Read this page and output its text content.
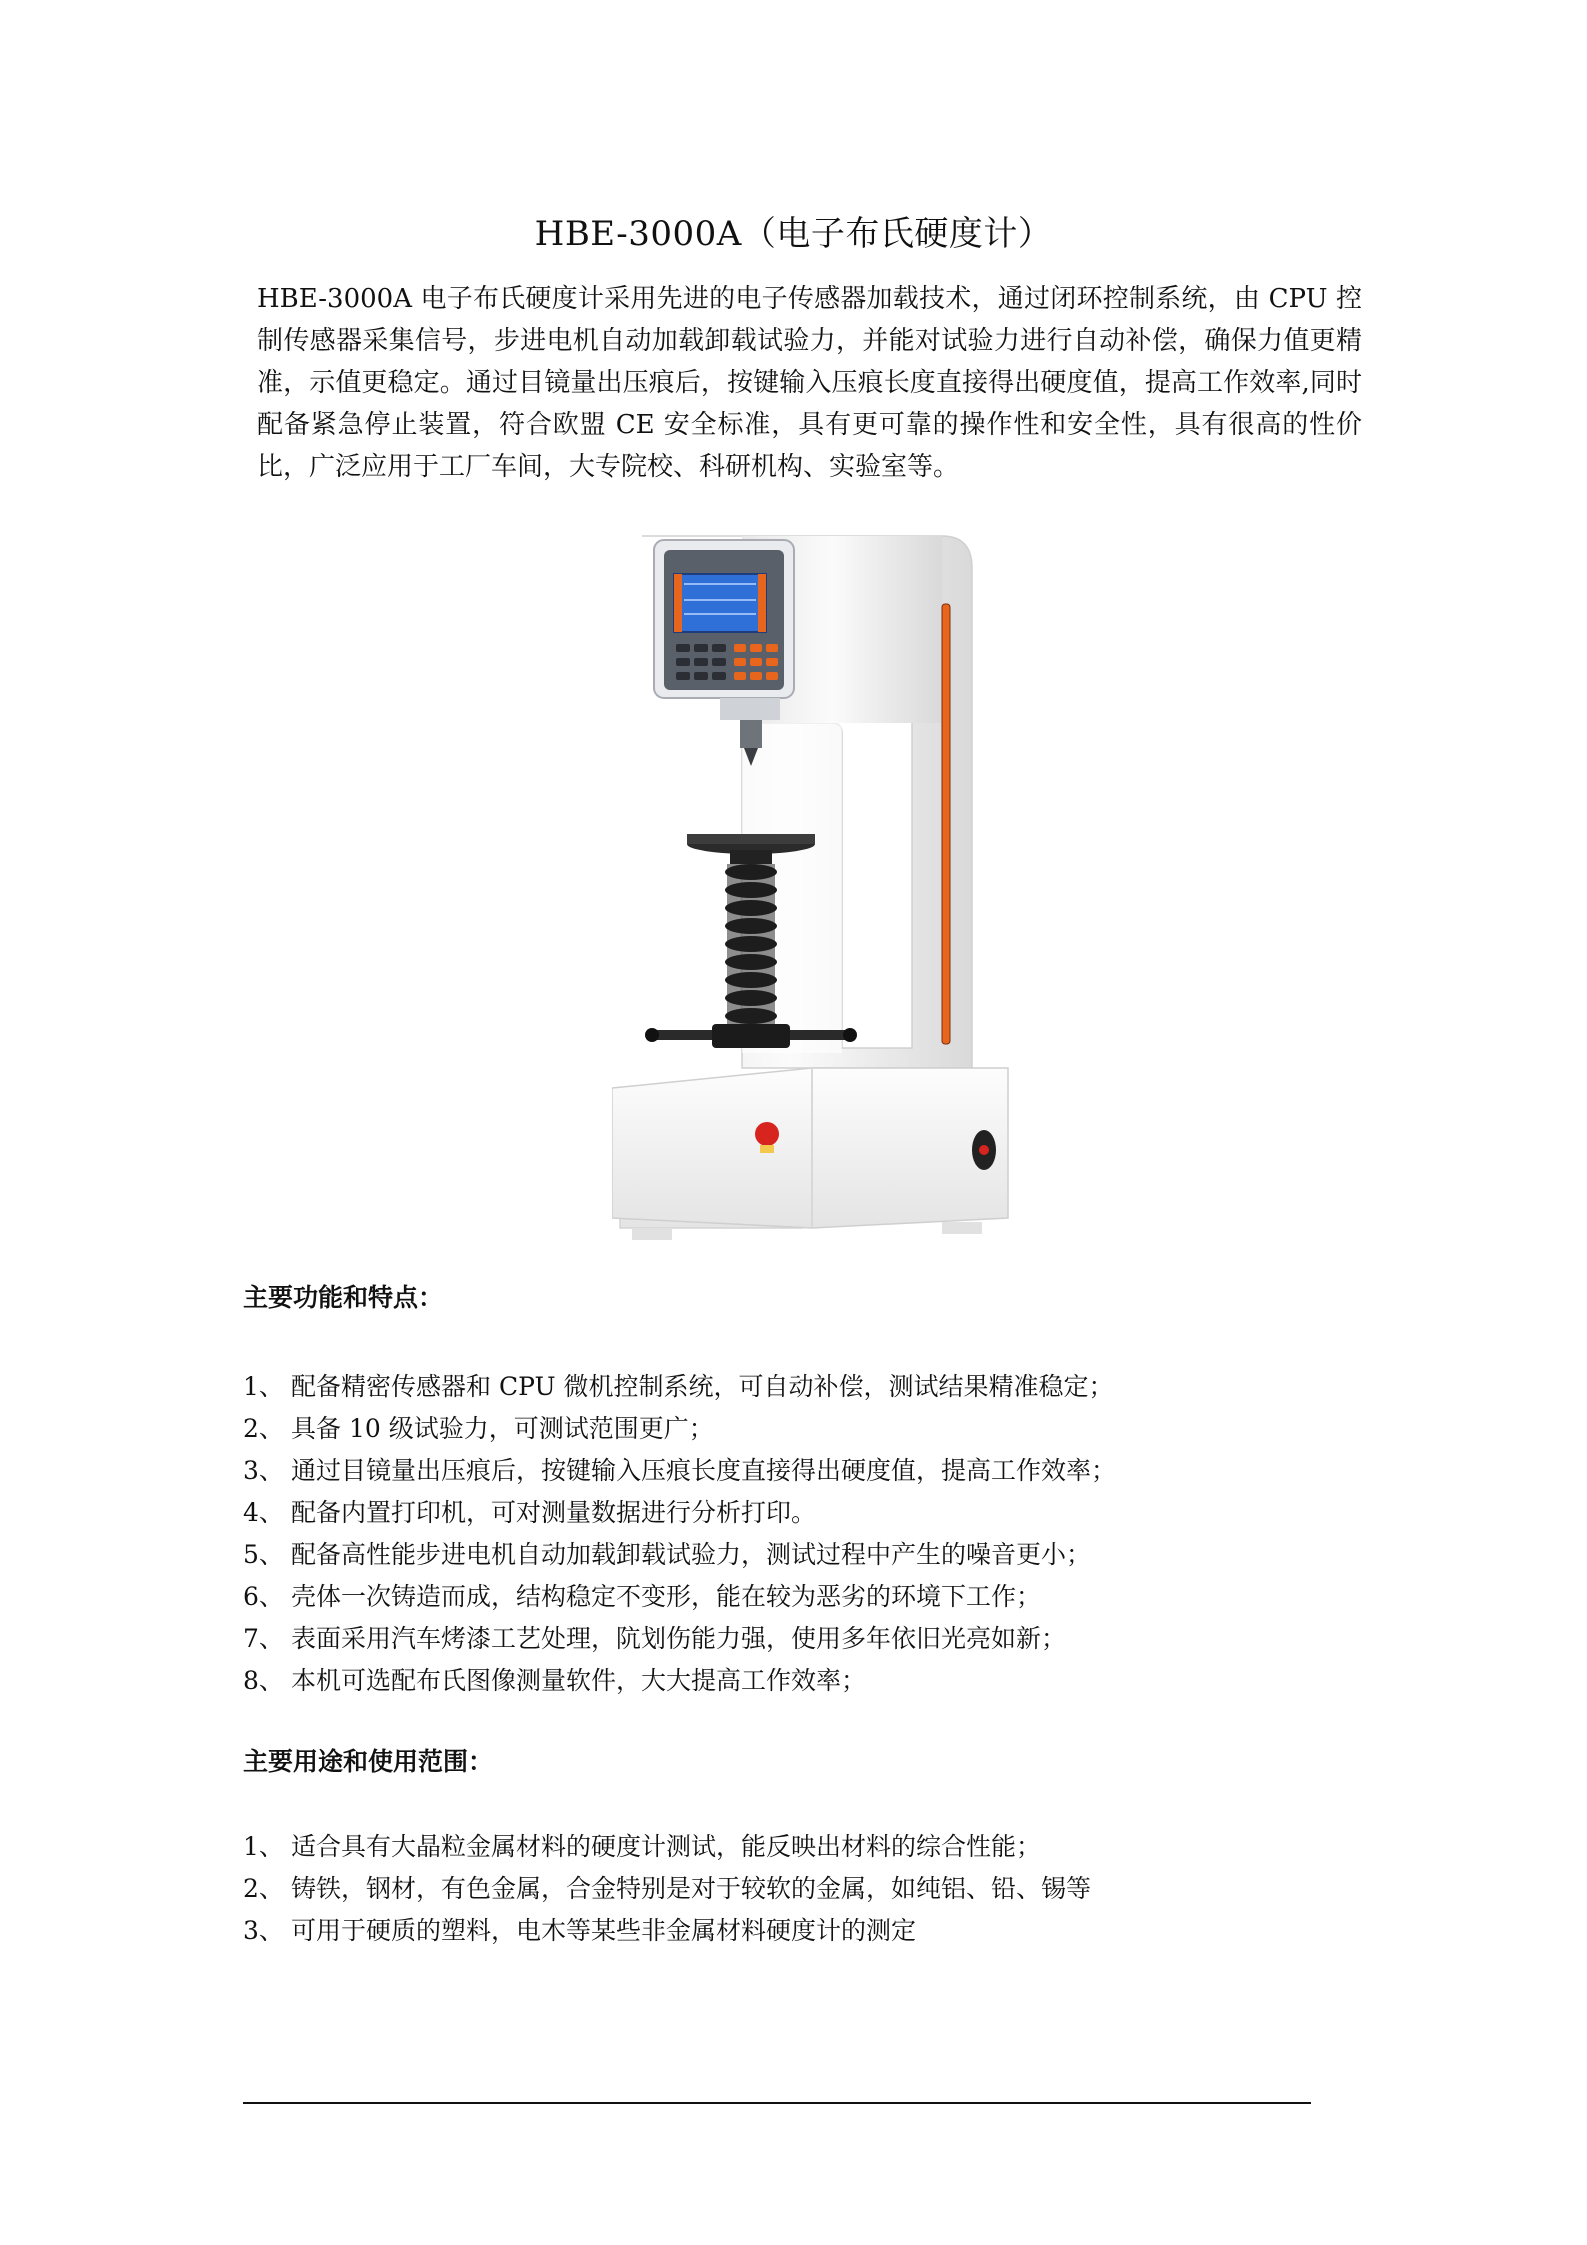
HBE-3000A（电子布氏硬度计）

HBE-3000A 电子布氏硬度计采用先进的电子传感器加载技术，通过闭环控制系统，由 CPU 控制传感器采集信号，步进电机自动加载卸载试验力，并能对试验力进行自动补偿，确保力值更精准，示值更稳定。通过目镜量出压痕后，按键输入压痕长度直接得出硬度值，提高工作效率,同时配备紧急停止装置，符合欧盟 CE 安全标准，具有更可靠的操作性和安全性，具有很高的性价比，广泛应用于工厂车间，大专院校、科研机构、实验室等。

主要功能和特点：
1、 配备精密传感器和 CPU 微机控制系统，可自动补偿，测试结果精准稳定；
2、 具备 10 级试验力，可测试范围更广；
3、 通过目镜量出压痕后，按键输入压痕长度直接得出硬度值，提高工作效率；
4、 配备内置打印机，可对测量数据进行分析打印。
5、 配备高性能步进电机自动加载卸载试验力，测试过程中产生的噪音更小；
6、 壳体一次铸造而成，结构稳定不变形，能在较为恶劣的环境下工作；
7、 表面采用汽车烤漆工艺处理，阬划伤能力强，使用多年依旧光亮如新；
8、 本机可选配布氏图像测量软件，大大提高工作效率；
主要用途和使用范围：
1、 适合具有大晶粒金属材料的硬度计测试，能反映出材料的综合性能；
2、 铸铁，钢材，有色金属，合金特别是对于较软的金属，如纯铝、铅、锡等
3、 可用于硬质的塑料，电木等某些非金属材料硬度计的测定
